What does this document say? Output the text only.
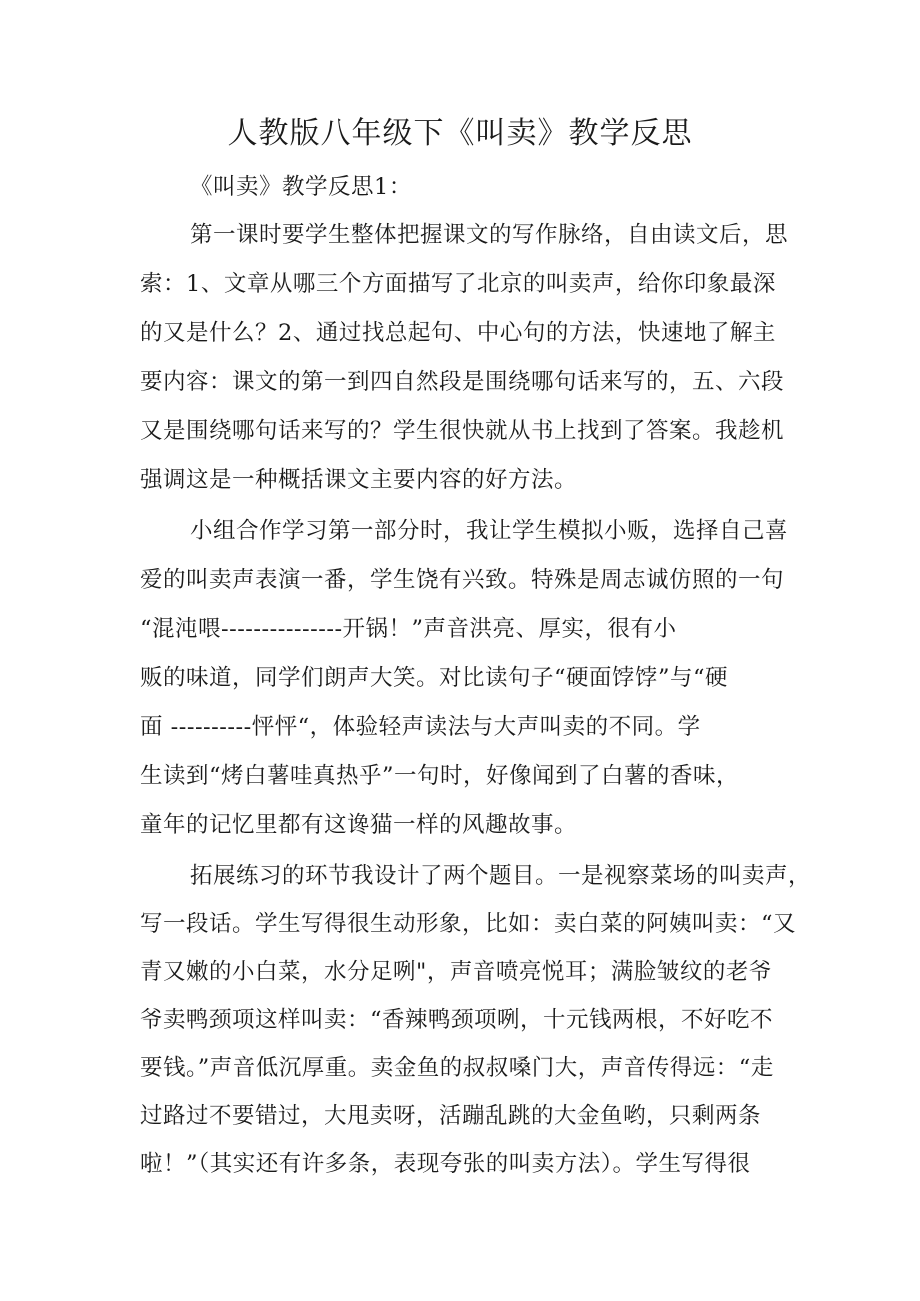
人教版八年级下《叫卖》教学反思
《叫卖》教学反思1：
第一课时要学生整体把握课文的写作脉络，自由读文后，思
索：1、文章从哪三个方面描写了北京的叫卖声，给你印象最深
的又是什么？2、通过找总起句、中心句的方法，快速地了解主
要内容：课文的第一到四自然段是围绕哪句话来写的，五、六段
又是围绕哪句话来写的？学生很快就从书上找到了答案。我趁机
强调这是一种概括课文主要内容的好方法。
小组合作学习第一部分时，我让学生模拟小贩，选择自己喜
爱的叫卖声表演一番，学生饶有兴致。特殊是周志诚仿照的一句
“混沌喂---------------开锅！”声音洪亮、厚实，很有小
贩的味道，同学们朗声大笑。对比读句子“硬面饽饽”与“硬
面 ----------怦怦“，体验轻声读法与大声叫卖的不同。学
生读到“烤白薯哇真热乎”一句时，好像闻到了白薯的香味，
童年的记忆里都有这谗猫一样的风趣故事。
拓展练习的环节我设计了两个题目。一是视察菜场的叫卖声，
写一段话。学生写得很生动形象，比如：卖白菜的阿姨叫卖：“又
青又嫩的小白菜，水分足咧"，声音喷亮悦耳；满脸皱纹的老爷
爷卖鸭颈项这样叫卖：“香辣鸭颈项咧，十元钱两根，不好吃不
要钱。”声音低沉厚重。卖金鱼的叔叔嗓门大，声音传得远：“走
过路过不要错过，大甩卖呀，活蹦乱跳的大金鱼哟，只剩两条
啦！”（其实还有许多条，表现夸张的叫卖方法）。学生写得很
